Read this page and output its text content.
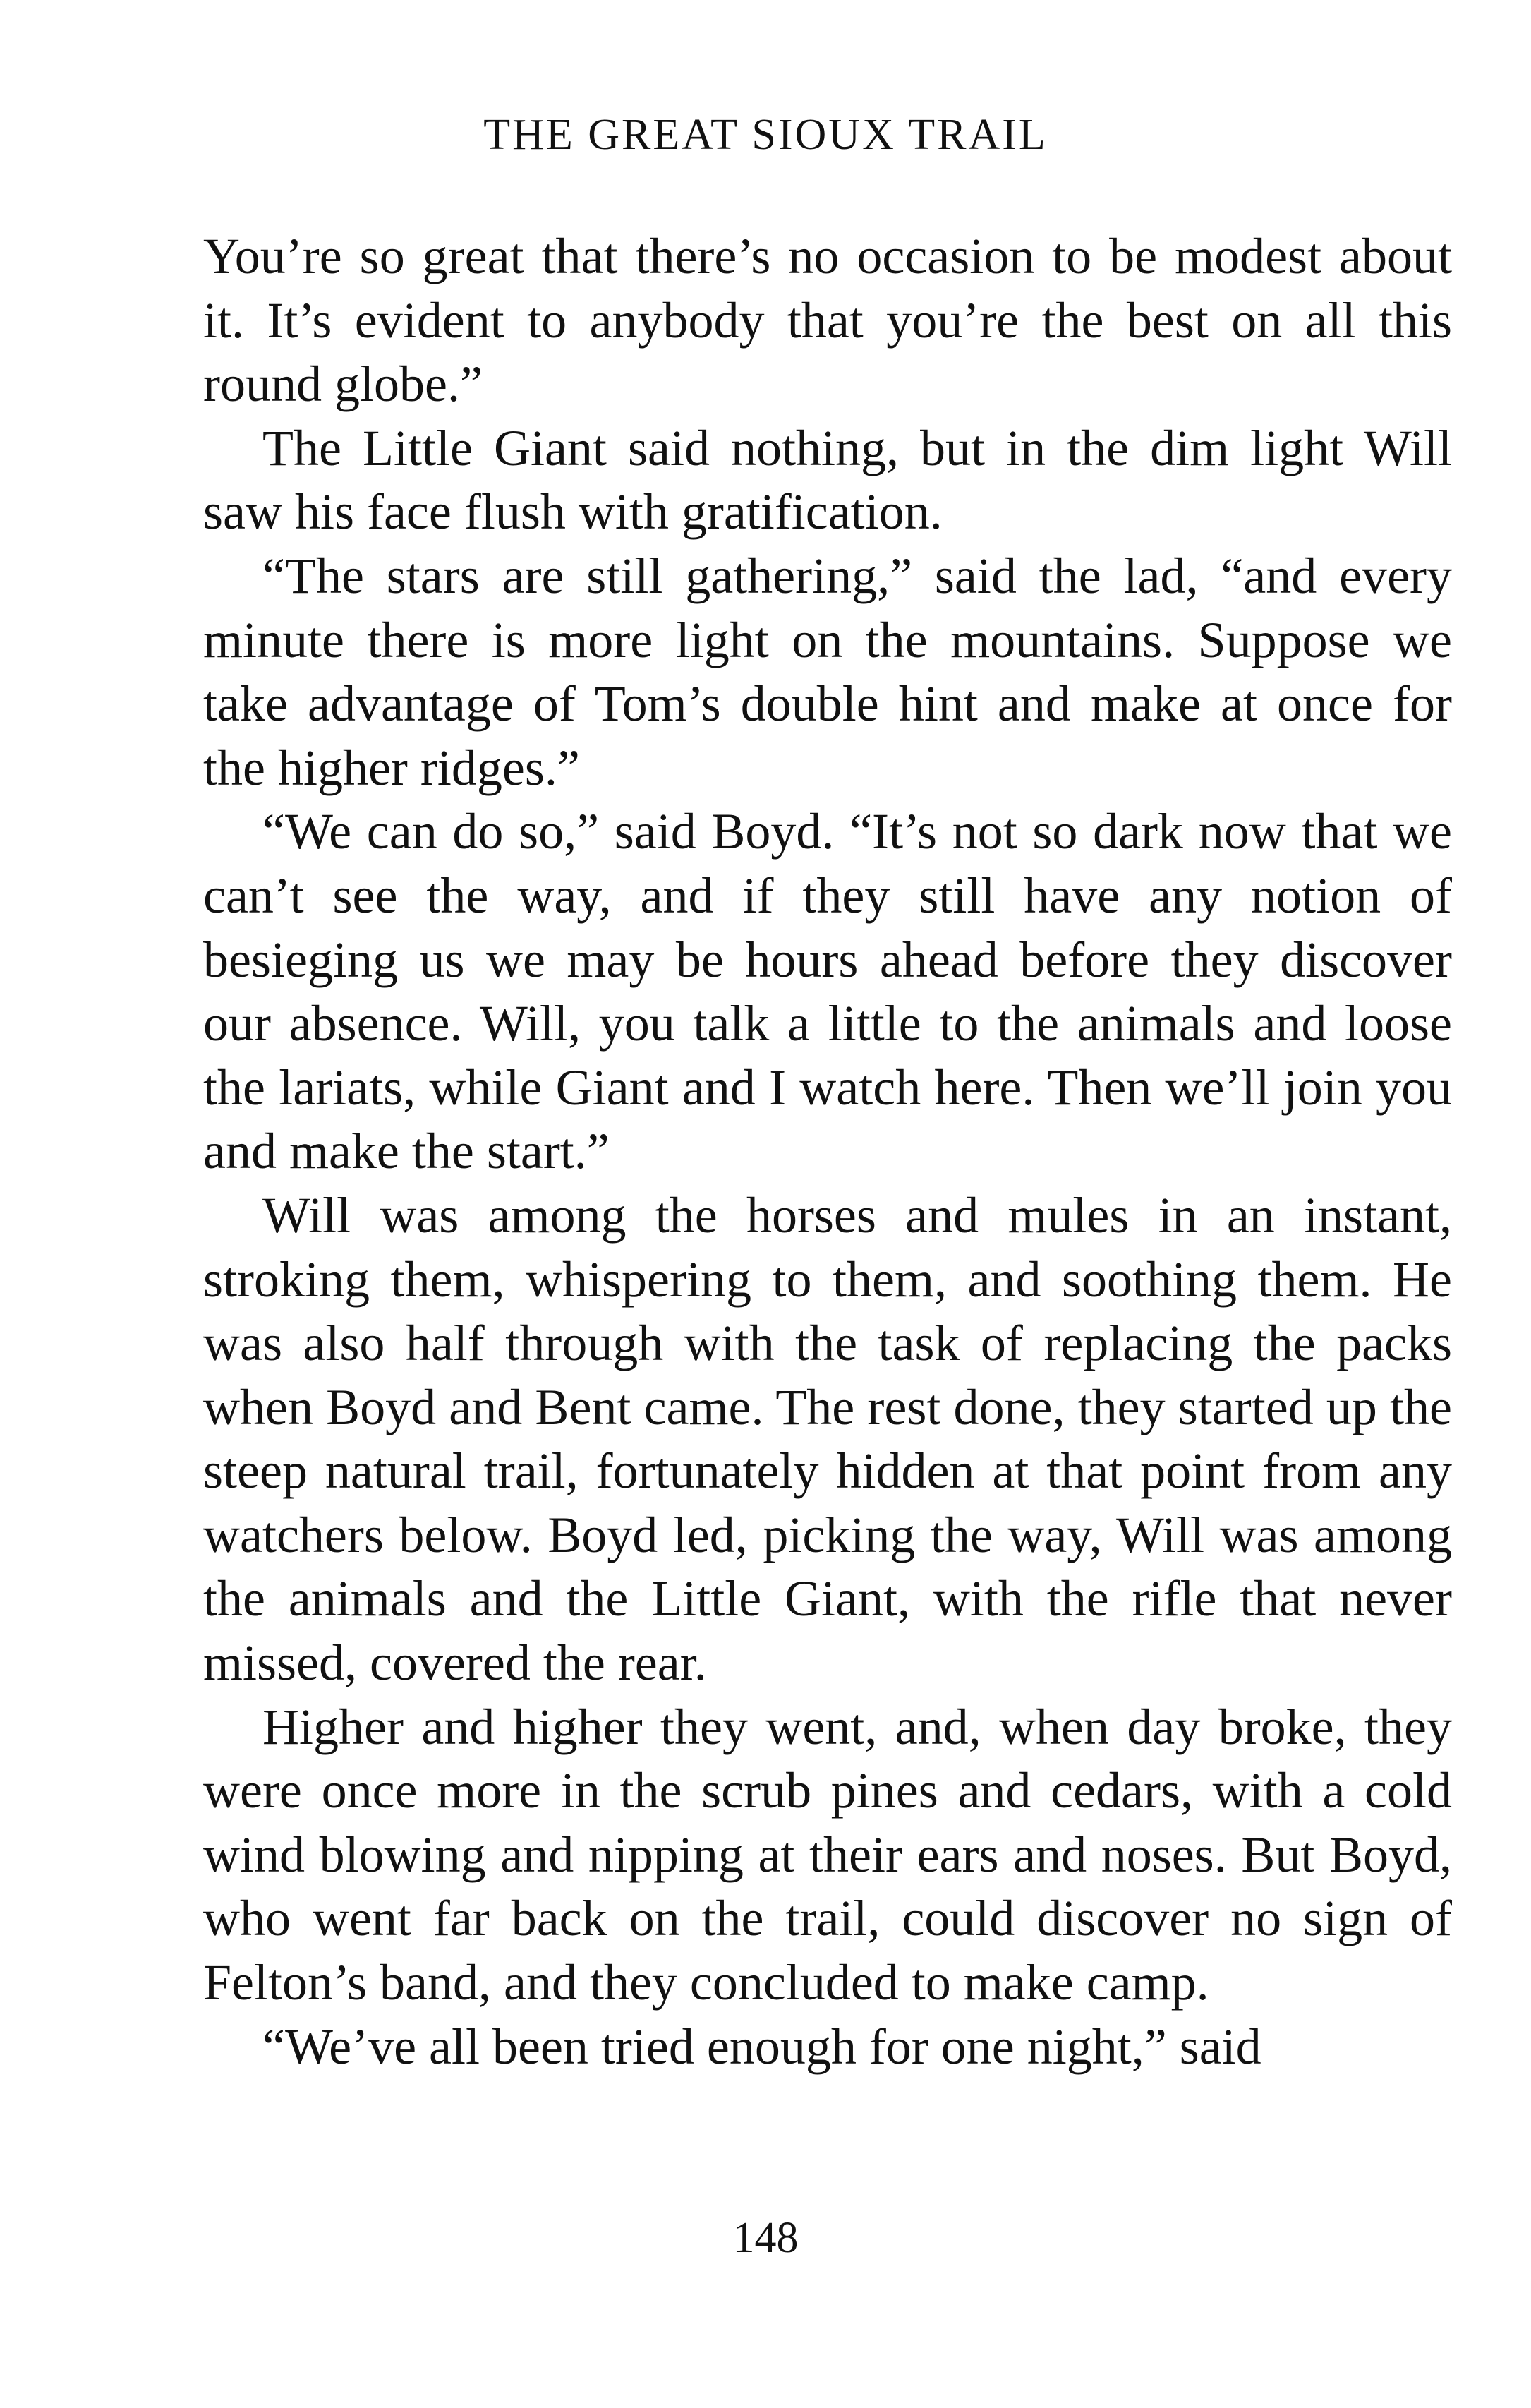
THE GREAT SIOUX TRAIL

You’re so great that there’s no occasion to be modest about it. It’s evident to anybody that you’re the best on all this round globe.”

The Little Giant said nothing, but in the dim light Will saw his face flush with gratification.

“The stars are still gathering,” said the lad, “and every minute there is more light on the mountains. Suppose we take advantage of Tom’s double hint and make at once for the higher ridges.”

“We can do so,” said Boyd. “It’s not so dark now that we can’t see the way, and if they still have any notion of besieging us we may be hours ahead before they discover our absence. Will, you talk a little to the animals and loose the lariats, while Giant and I watch here. Then we’ll join you and make the start.”

Will was among the horses and mules in an instant, stroking them, whispering to them, and soothing them. He was also half through with the task of replacing the packs when Boyd and Bent came. The rest done, they started up the steep natural trail, fortunately hidden at that point from any watchers below. Boyd led, picking the way, Will was among the animals and the Little Giant, with the rifle that never missed, covered the rear.

Higher and higher they went, and, when day broke, they were once more in the scrub pines and cedars, with a cold wind blowing and nipping at their ears and noses. But Boyd, who went far back on the trail, could discover no sign of Felton’s band, and they concluded to make camp.

“We’ve all been tried enough for one night,” said

148
